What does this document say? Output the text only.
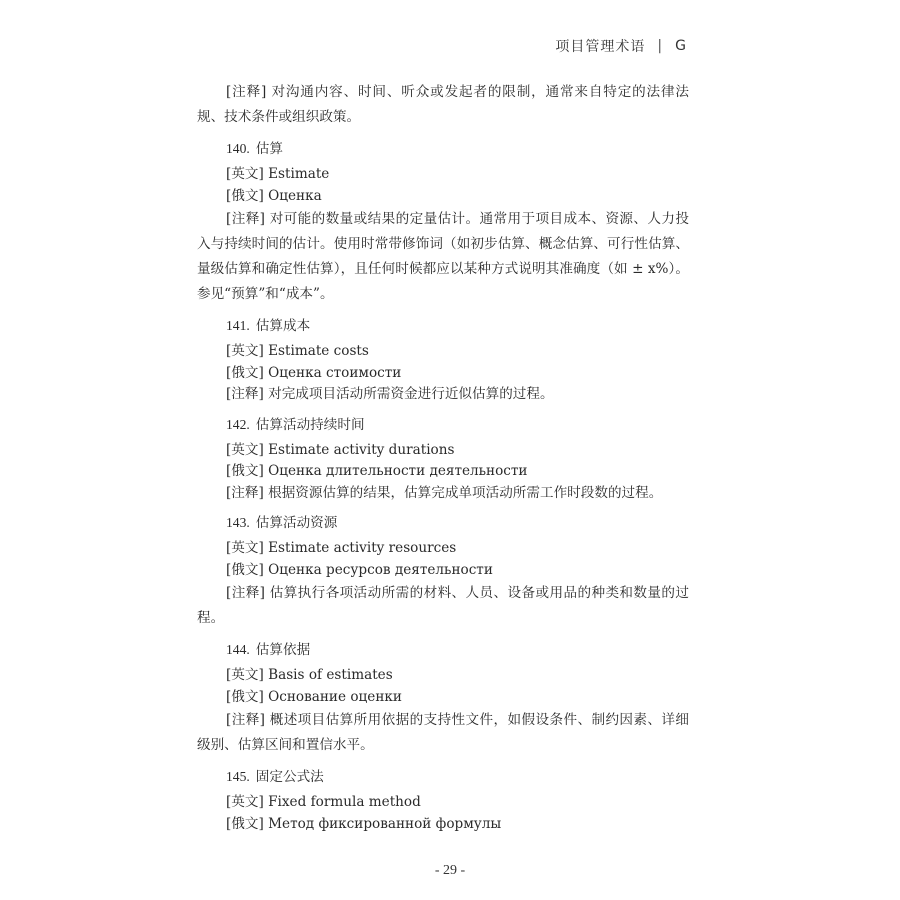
项目管理术语 | G

[注释] 对沟通内容、时间、听众或发起者的限制，通常来自特定的法律法规、技术条件或组织政策。

140. 估算

[英文] Estimate

[俄文] Оценка

[注释] 对可能的数量或结果的定量估计。通常用于项目成本、资源、人力投入与持续时间的估计。使用时常带修饰词（如初步估算、概念估算、可行性估算、量级估算和确定性估算），且任何时候都应以某种方式说明其准确度（如 ± x%）。参见“预算”和“成本”。

141. 估算成本

[英文] Estimate costs

[俄文] Оценка стоимости

[注释] 对完成项目活动所需资金进行近似估算的过程。

142. 估算活动持续时间

[英文] Estimate activity durations

[俄文] Оценка длительности деятельности

[注释] 根据资源估算的结果，估算完成单项活动所需工作时段数的过程。

143. 估算活动资源

[英文] Estimate activity resources

[俄文] Оценка ресурсов деятельности

[注释] 估算执行各项活动所需的材料、人员、设备或用品的种类和数量的过程。

144. 估算依据

[英文] Basis of estimates

[俄文] Основание оценки

[注释] 概述项目估算所用依据的支持性文件，如假设条件、制约因素、详细级别、估算区间和置信水平。

145. 固定公式法

[英文] Fixed formula method

[俄文] Метод фиксированной формулы

- 29 -
